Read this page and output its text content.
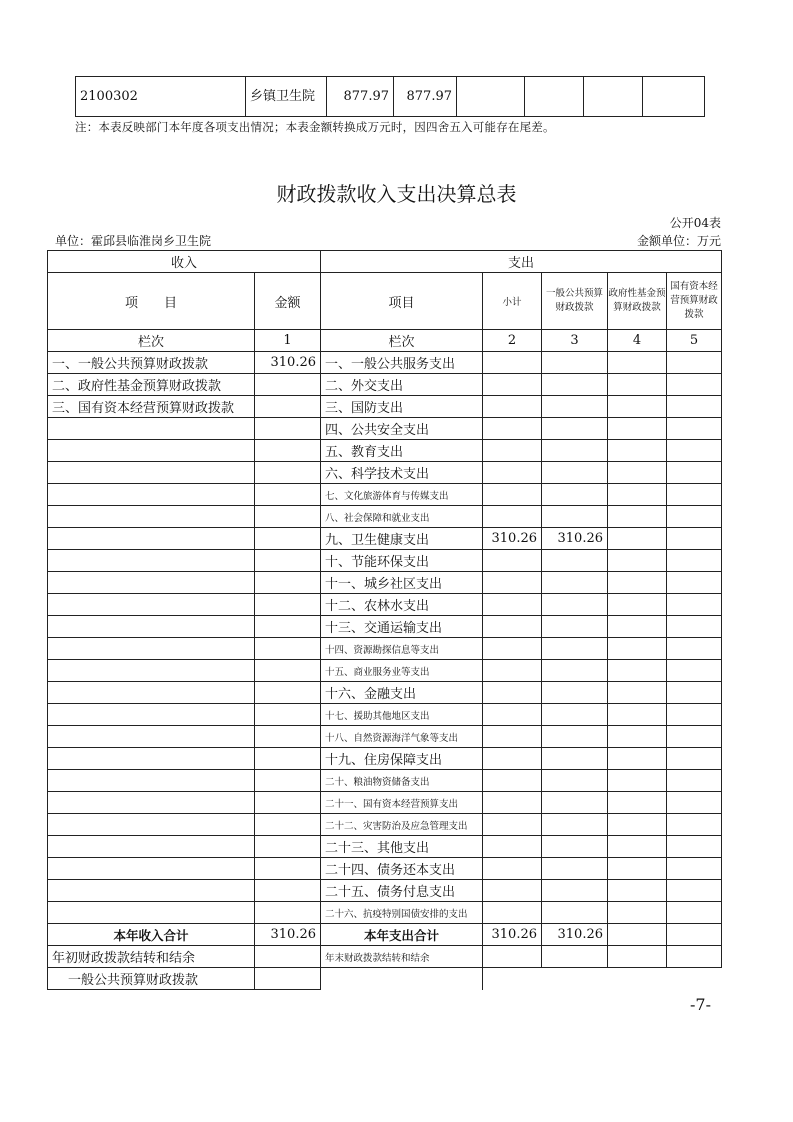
2100302	乡镇卫生院	877.97	877.97				
注：本表反映部门本年度各项支出情况；本表金额转换成万元时，因四舍五入可能存在尾差。
财政拨款收入支出决算总表
公开04表
单位：霍邱县临淮岗乡卫生院	金额单位：万元
收入		支出				
项　　目	金额	项目	小计	一般公共预算财政拨款	政府性基金预算财政拨款	国有资本经营预算财政拨款
栏次	1	栏次	2	3	4	5
一、一般公共预算财政拨款	310.26	一、一般公共服务支出				
二、政府性基金预算财政拨款		二、外交支出				
三、国有资本经营预算财政拨款		三、国防支出				
		四、公共安全支出				
		五、教育支出				
		六、科学技术支出				
		七、文化旅游体育与传媒支出				
		八、社会保障和就业支出				
		九、卫生健康支出	310.26	310.26		
		十、节能环保支出				
		十一、城乡社区支出				
		十二、农林水支出				
		十三、交通运输支出				
		十四、资源勘探信息等支出				
		十五、商业服务业等支出				
		十六、金融支出				
		十七、援助其他地区支出				
		十八、自然资源海洋气象等支出				
		十九、住房保障支出				
		二十、粮油物资储备支出				
		二十一、国有资本经营预算支出				
		二十二、灾害防治及应急管理支出				
		二十三、其他支出				
		二十四、债务还本支出				
		二十五、债务付息支出				
		二十六、抗疫特别国债安排的支出				
本年收入合计	310.26	本年支出合计	310.26	310.26		
年初财政拨款结转和结余		年末财政拨款结转和结余				
一般公共预算财政拨款						
-7-
